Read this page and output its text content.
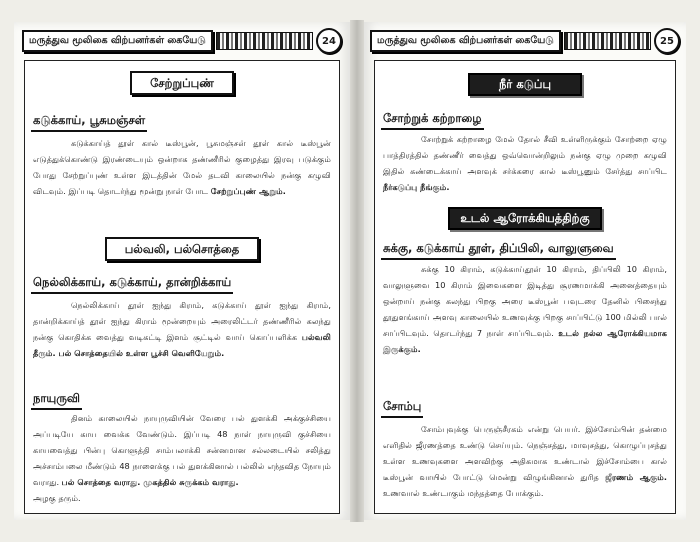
மருத்துவ மூலிகை விற்பனர்கள் கையேடு	24
சேற்றுப்புண்
கடுக்காய், பூசுமஞ்சள்

கடுக்காய்த் தூள் கால் டீஸ்பூன், பூசுமஞ்சள் தூள் கால் டீஸ்பூன் எடுத்துக்கொண்டு இரண்டையும் ஒன்றாக தண்ணீரில் குழைத்து இரவு படுக்கும் போது சேற்றுப்புண் உள்ள இடத்தின் மேல் தடவி காலையில் நன்கு கழுவி விடவும். இப்படி தொடர்ந்து மூன்று நாள் போட சேற்றுப்புண் ஆறும்.

பல்வலி, பல்சொத்தை
நெல்லிக்காய், கடுக்காய், தான்றிக்காய்

நெல்லிக்காய் தூள் ஐந்து கிராம், கடுக்காய் தூள் ஐந்து கிராம், தான்றிக்காய்த் தூள் ஐந்து கிராம் மூன்றையும் அரைலிட்டர் தண்ணீரில் கலந்து நன்கு கொதிக்க வைத்து வடிகட்டி இளம் சூட்டில் வாய் கொப்பளிக்க பல்வலி தீரும். பல் சொத்தையில் உள்ள பூச்சி வெளியேறும்.

நாயுருவி

தினம் காலையில் நாயுருவியின் வேரை பல் துளக்கி அக்குச்சியை அப்படியே காய வைக்க வேண்டும். இப்படி 48 நாள் நாயுருவி குச்சியை காயவைத்து பின்பு கொளுத்தி சாம்பலாக்கி சன்னமான சல்லடையில் சலித்து அச்சாம்பலை மீண்டும் 48 நாளைக்கு பல் துளக்கினால் பல்லில் எந்தவித நோயும் வராது. பல் சொத்தை வராது. முகத்தில் சுருக்கம் வராது.
அழகு தரும்.

மருத்துவ மூலிகை விற்பனர்கள் கையேடு	25
நீர் கடுப்பு
சோற்றுக் கற்றாழை

சோற்றுக் கற்றாழை மேல் தோல் சீவி உள்ளிருக்கும் சோற்றை ஏழு பாத்திரத்தில் தண்ணீர் வைத்து ஒவ்வொன்றிலும் நன்கு ஏழு முறை கழுவி இதில் கண்டைக்காய் அளவுக் சர்க்கரை கால் டீஸ்பூனும் சேர்த்து சாப்பிட நீர்கடுப்பு நீங்கும்.

உடல் ஆரோக்கியத்திற்கு
சுக்கு, கடுக்காய் தூள், திப்பிலி, வாலுளுவை

சுக்கு 10 கிராம், கடுக்காய்தூள் 10 கிராம், திப்பிலி 10 கிராம், வாலுளுவை 10 கிராம் இவைகளை இடித்து சூரணமாக்கி அனைத்தையும் ஒன்றாய் நன்கு கலந்து பிறகு அரை டீஸ்பூன் பவுடரை தேனில் பிசைந்து தூதுளங்காய் அளவு காலையில் உணவுக்கு பிறகு சாப்பிட்டு 100 மில்லி பால் சாப்பிடவும். தொடர்ந்து 7 நாள் சாப்பிடவும். உடல் நல்ல ஆரோக்கியமாக இருக்கும்.

சோம்பு

சோம்புவுக்கு பெருஞ்சீரகம் என்று பெயர். இச்சோம்பின் தன்மை எளிதில் ஜீரணத்தை உண்டு செய்யும். நெஞ்சத்து, மாவுசத்து, கொழுப்புசத்து உள்ள உணவுகளை அளவிற்கு அதிகமாக உண்டால் இச்சோம்பை கால் டீஸ்பூன் வாயில் போட்டு மென்று விழுங்கினால் துரித ஜீரணம் ஆகும். உணவால் உண்டாகும் மந்தத்தை போக்கும்.
